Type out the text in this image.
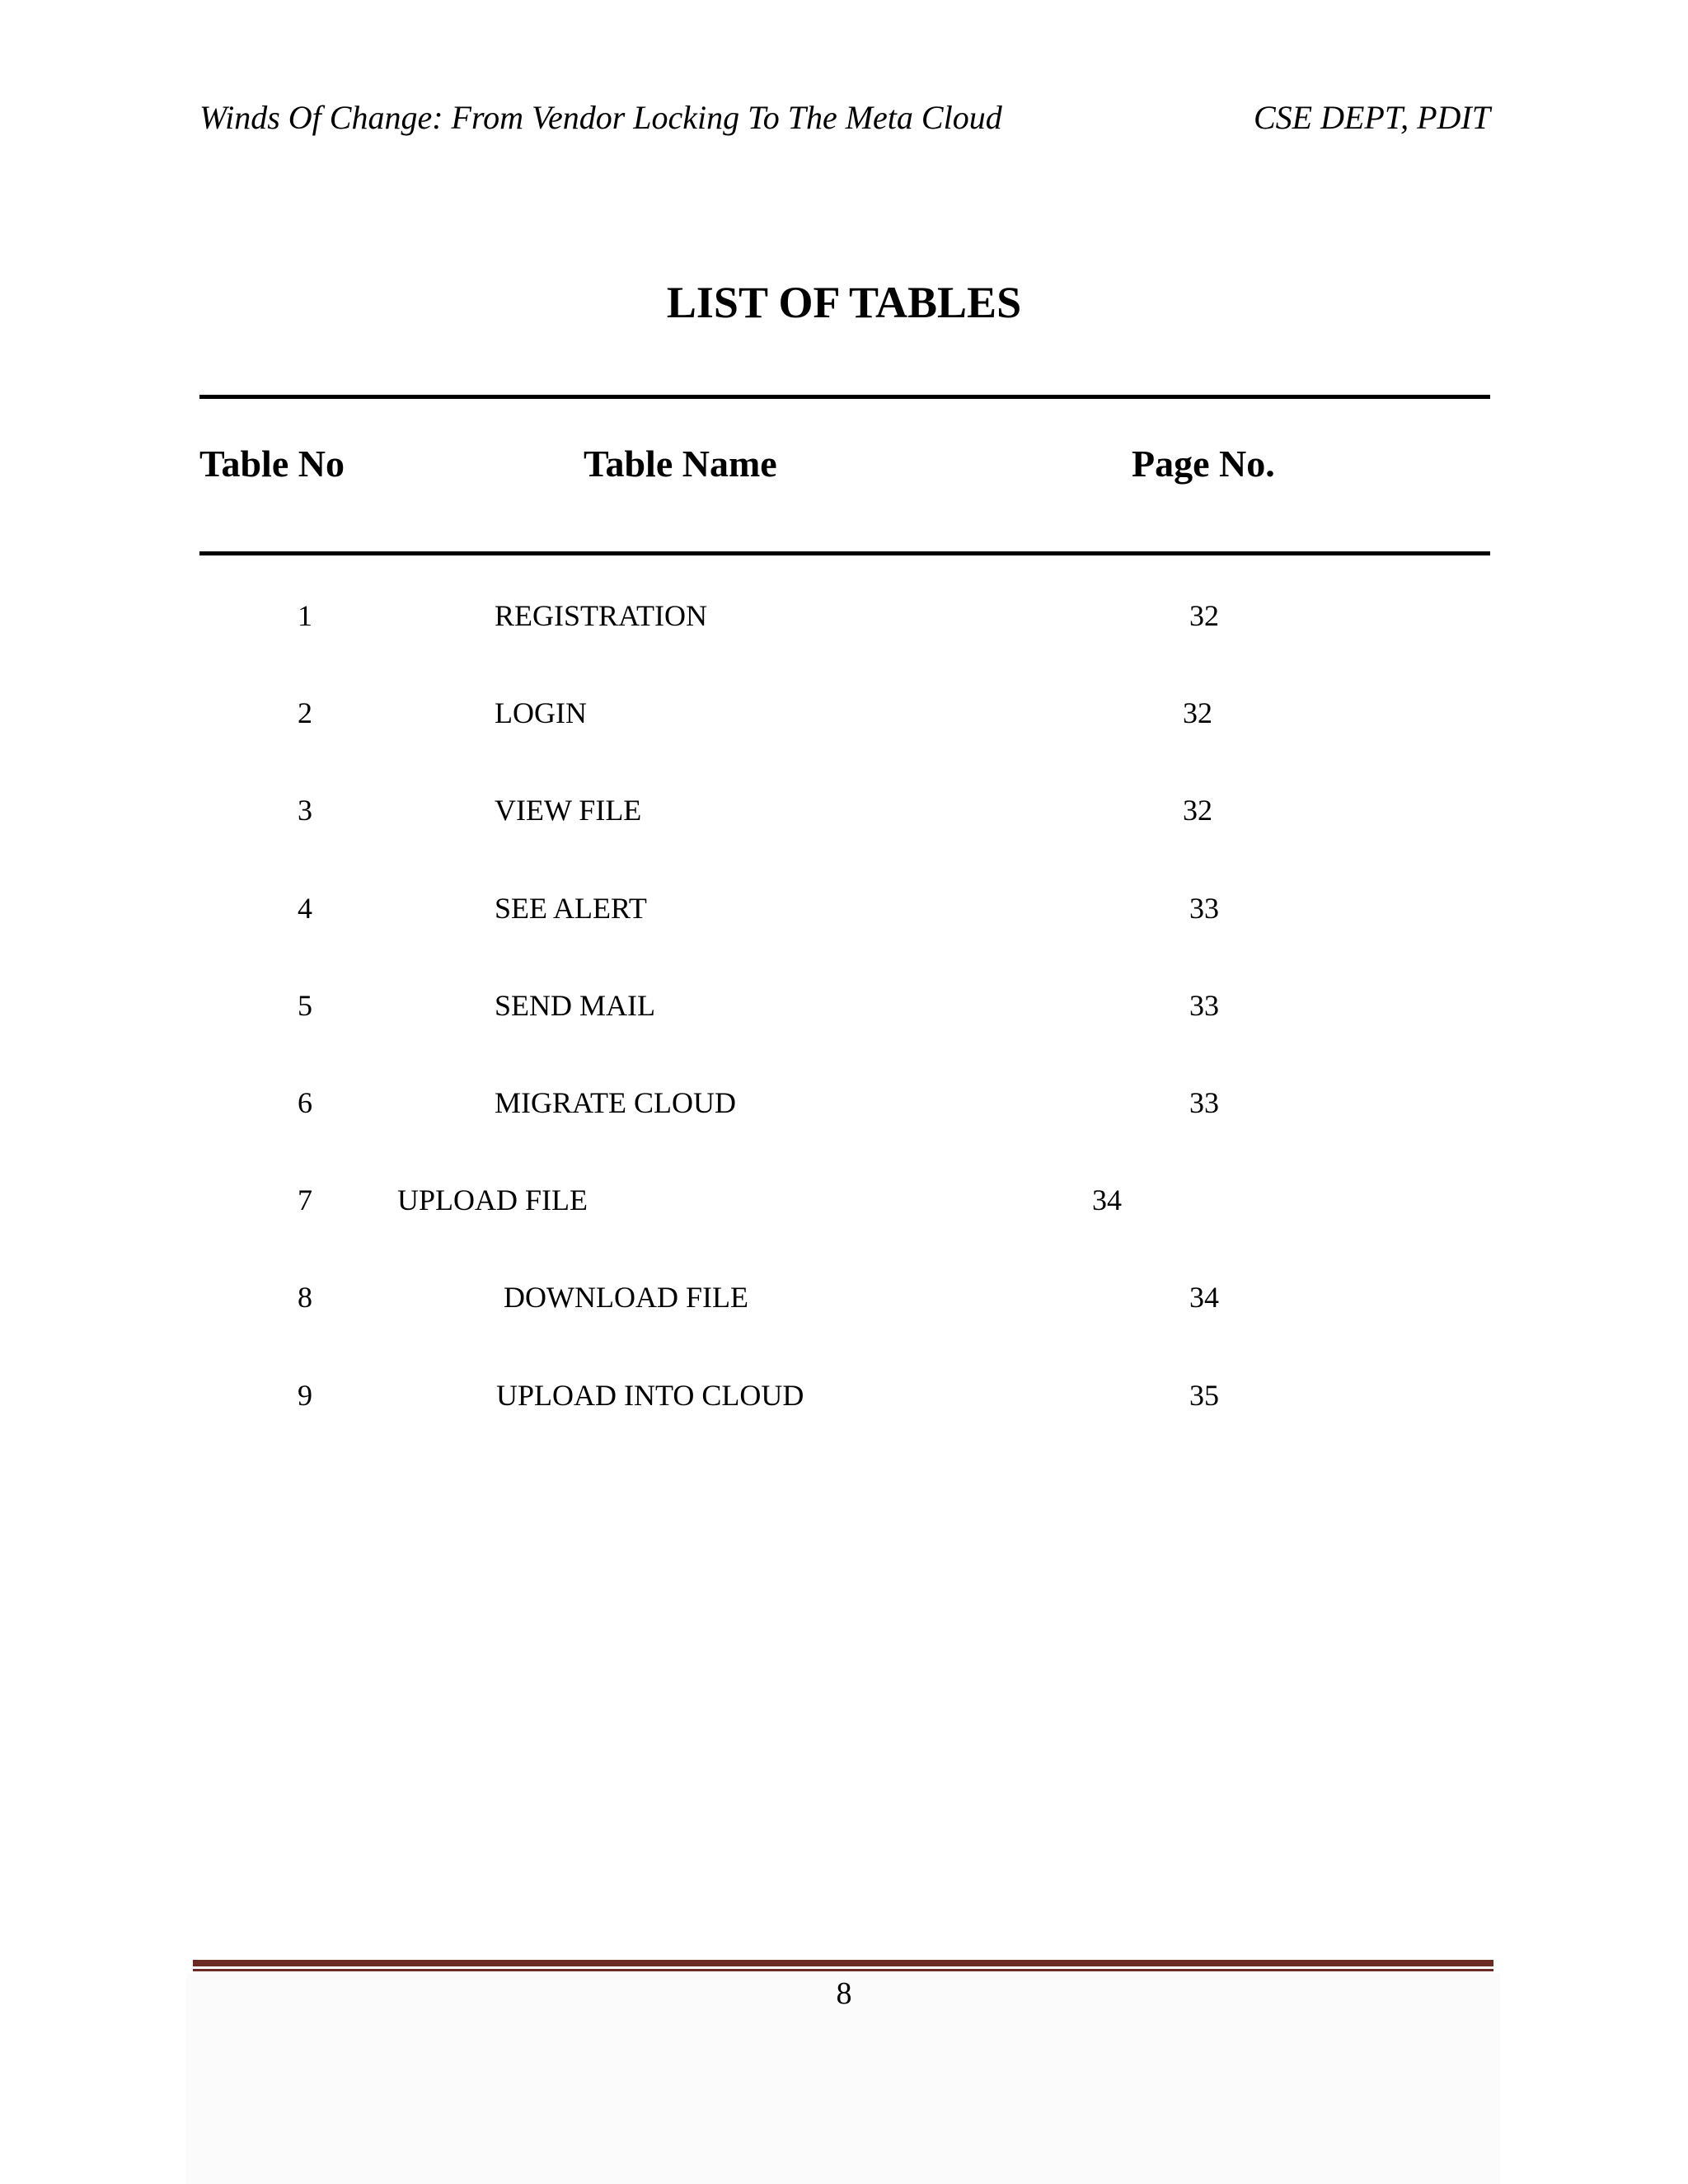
Winds Of Change: From Vendor Locking To The Meta Cloud	CSE DEPT, PDIT
LIST OF TABLES
Table No	Table Name	Page No.
1	REGISTRATION	32
2	LOGIN	32
3	VIEW FILE	32
4	SEE ALERT	33
5	SEND MAIL	33
6	MIGRATE CLOUD	33
7	UPLOAD FILE	34
8	DOWNLOAD FILE	34
9	UPLOAD INTO CLOUD	35
8
